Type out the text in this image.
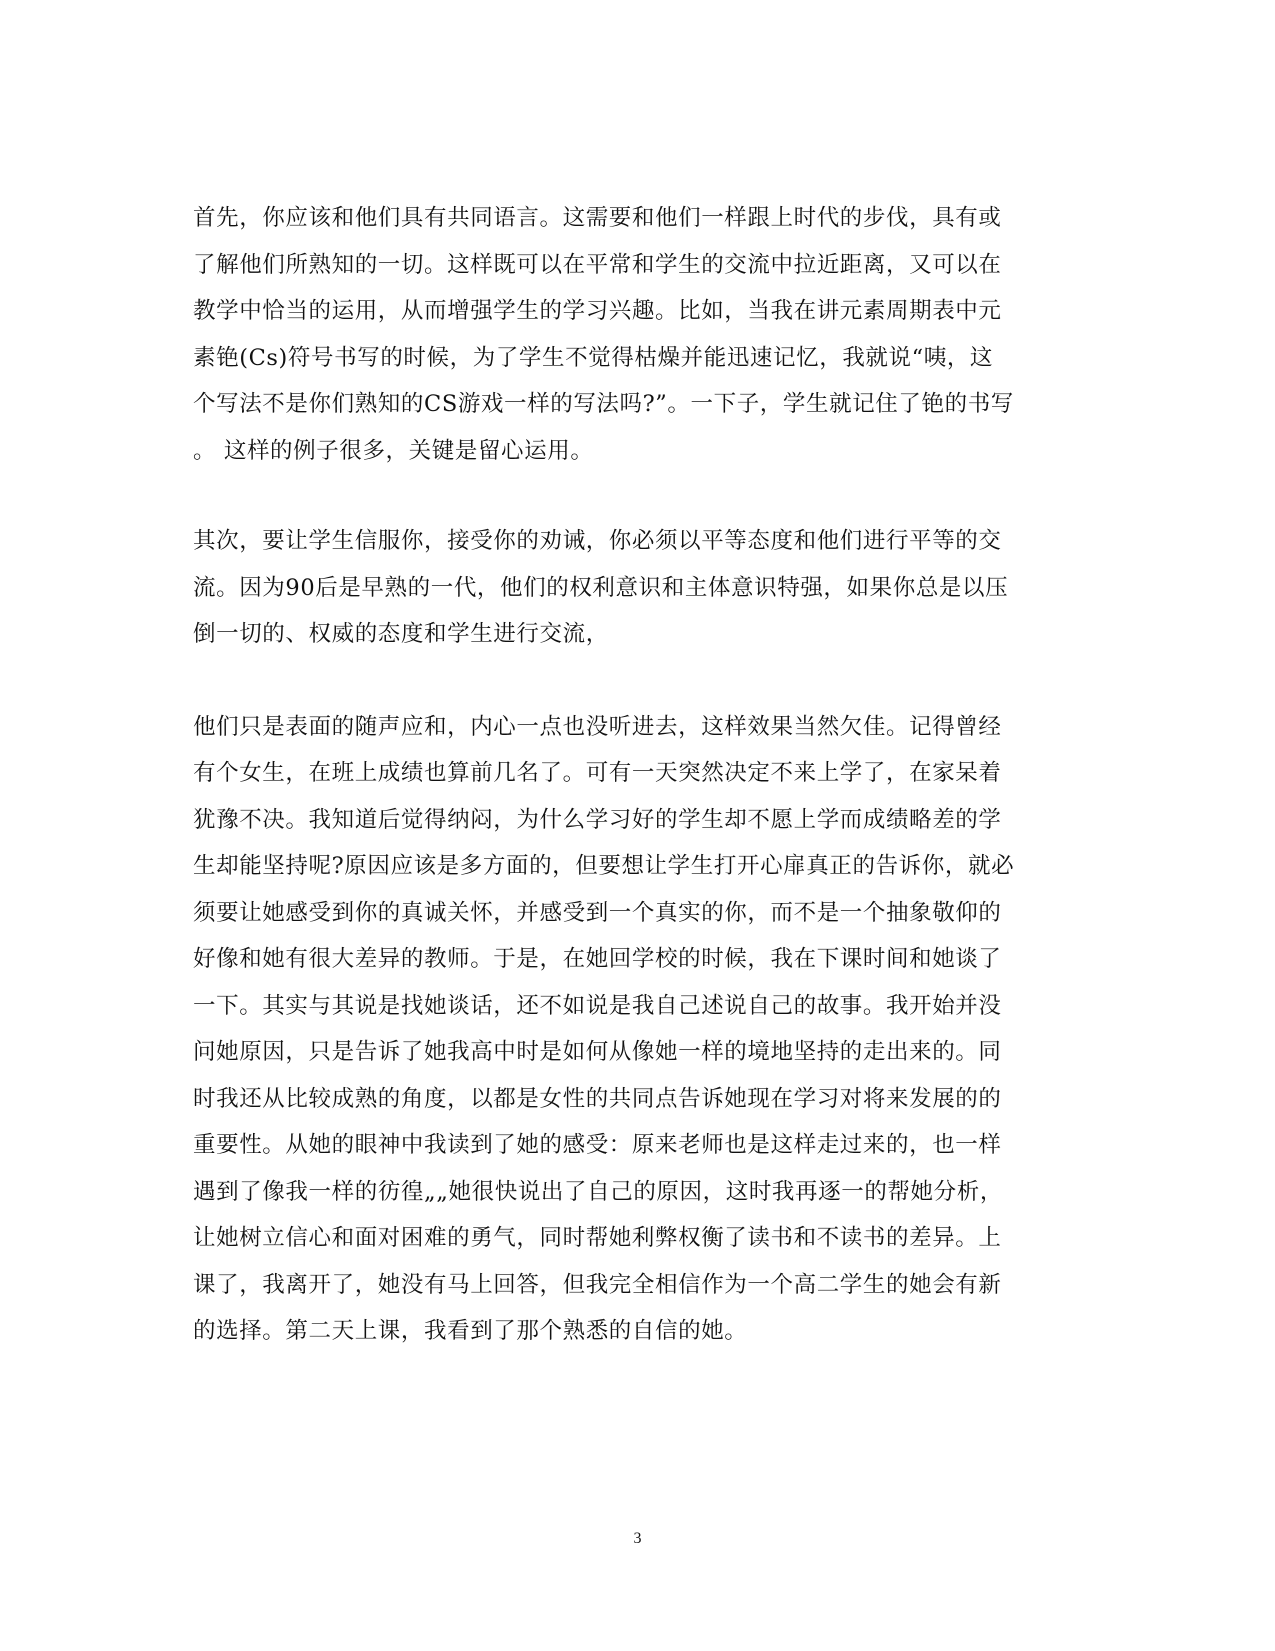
首先，你应该和他们具有共同语言。这需要和他们一样跟上时代的步伐，具有或
了解他们所熟知的一切。这样既可以在平常和学生的交流中拉近距离，又可以在
教学中恰当的运用，从而增强学生的学习兴趣。比如，当我在讲元素周期表中元
素铯(Cs)符号书写的时候，为了学生不觉得枯燥并能迅速记忆，我就说“咦，这
个写法不是你们熟知的CS游戏一样的写法吗?”。一下子，学生就记住了铯的书写
。 这样的例子很多，关键是留心运用。
其次，要让学生信服你，接受你的劝诫，你必须以平等态度和他们进行平等的交
流。因为90后是早熟的一代，他们的权利意识和主体意识特强，如果你总是以压
倒一切的、权威的态度和学生进行交流，
他们只是表面的随声应和，内心一点也没听进去，这样效果当然欠佳。记得曾经
有个女生，在班上成绩也算前几名了。可有一天突然决定不来上学了，在家呆着
犹豫不决。我知道后觉得纳闷，为什么学习好的学生却不愿上学而成绩略差的学
生却能坚持呢?原因应该是多方面的，但要想让学生打开心扉真正的告诉你，就必
须要让她感受到你的真诚关怀，并感受到一个真实的你，而不是一个抽象敬仰的
好像和她有很大差异的教师。于是，在她回学校的时候，我在下课时间和她谈了
一下。其实与其说是找她谈话，还不如说是我自己述说自己的故事。我开始并没
问她原因，只是告诉了她我高中时是如何从像她一样的境地坚持的走出来的。同
时我还从比较成熟的角度，以都是女性的共同点告诉她现在学习对将来发展的的
重要性。从她的眼神中我读到了她的感受：原来老师也是这样走过来的，也一样
遇到了像我一样的彷徨„„她很快说出了自己的原因，这时我再逐一的帮她分析，
让她树立信心和面对困难的勇气，同时帮她利弊权衡了读书和不读书的差异。上
课了，我离开了，她没有马上回答，但我完全相信作为一个高二学生的她会有新
的选择。第二天上课，我看到了那个熟悉的自信的她。
3
